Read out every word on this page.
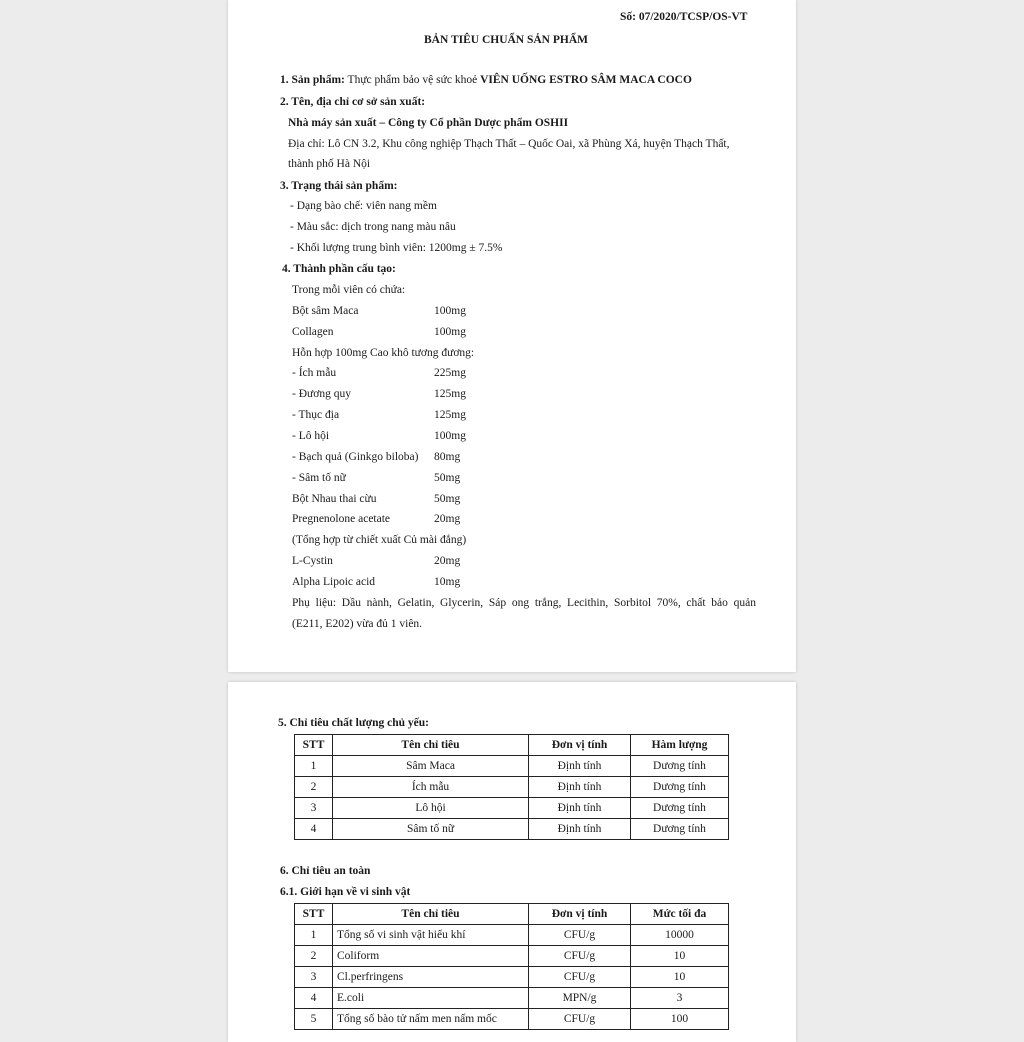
Số: 07/2020/TCSP/OS-VT
BẢN TIÊU CHUẨN SẢN PHẨM
1. Sản phẩm: Thực phẩm bảo vệ sức khoẻ VIÊN UỐNG ESTRO SÂM MACA COCO
2. Tên, địa chỉ cơ sở sản xuất:
Nhà máy sản xuất – Công ty Cổ phần Dược phẩm OSHII
Địa chỉ: Lô CN 3.2, Khu công nghiệp Thạch Thất – Quốc Oai, xã Phùng Xá, huyện Thạch Thất,
thành phố Hà Nội
3. Trạng thái sản phẩm:
- Dạng bào chế: viên nang mềm
- Màu sắc: dịch trong nang màu nâu
- Khối lượng trung bình viên: 1200mg ± 7.5%
4. Thành phần cấu tạo:
Trong mỗi viên có chứa:
Bột sâm Maca	100mg
Collagen	100mg
Hỗn hợp 100mg Cao khô tương đương:
- Ích mẫu	225mg
- Đương quy	125mg
- Thục địa	125mg
- Lô hội	100mg
- Bạch quả (Ginkgo biloba) 80mg
- Sâm tố nữ	50mg
Bột Nhau thai cừu	50mg
Pregnenolone acetate	20mg
(Tổng hợp từ chiết xuất Củ mài đắng)
L-Cystin	20mg
Alpha Lipoic acid	10mg
Phụ liệu: Dầu nành, Gelatin, Glycerin, Sáp ong trắng, Lecithin, Sorbitol 70%, chất bảo quản
(E211, E202) vừa đủ 1 viên.
5. Chỉ tiêu chất lượng chủ yếu:
STT	Tên chỉ tiêu	Đơn vị tính	Hàm lượng
1	Sâm Maca	Định tính	Dương tính
2	Ích mẫu	Định tính	Dương tính
3	Lô hội	Định tính	Dương tính
4	Sâm tố nữ	Định tính	Dương tính
6. Chỉ tiêu an toàn
6.1. Giới hạn về vi sinh vật
STT	Tên chỉ tiêu	Đơn vị tính	Mức tối đa
1	Tổng số vi sinh vật hiếu khí	CFU/g	10000
2	Coliform	CFU/g	10
3	Cl.perfringens	CFU/g	10
4	E.coli	MPN/g	3
5	Tổng số bào tử nấm men nấm mốc	CFU/g	100
